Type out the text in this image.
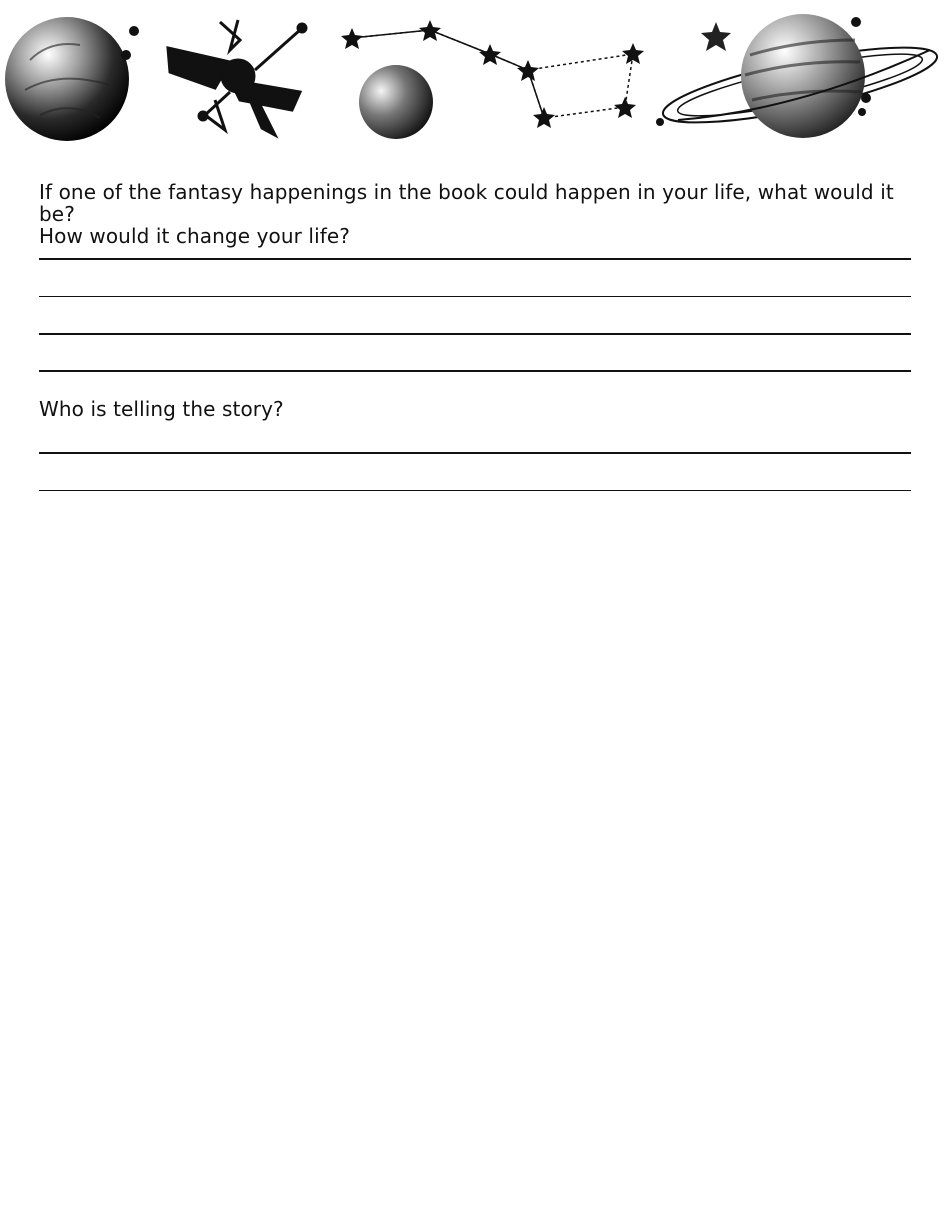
If one of the fantasy happenings in the book could happen in your life, what would it be?
How would it change your life?
Who is telling the story?
